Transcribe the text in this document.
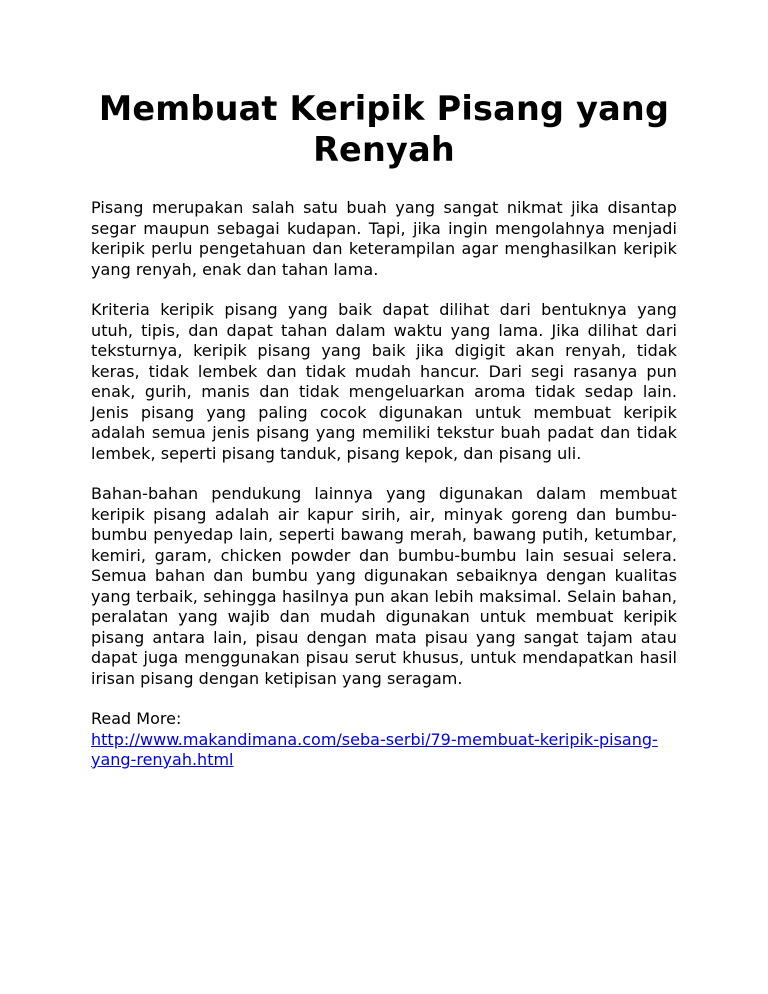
Membuat Keripik Pisang yang Renyah

Pisang merupakan salah satu buah yang sangat nikmat jika disantap segar maupun sebagai kudapan. Tapi, jika ingin mengolahnya menjadi keripik perlu pengetahuan dan keterampilan agar menghasilkan keripik yang renyah, enak dan tahan lama.

Kriteria keripik pisang yang baik dapat dilihat dari bentuknya yang utuh, tipis, dan dapat tahan dalam waktu yang lama. Jika dilihat dari teksturnya, keripik pisang yang baik jika digigit akan renyah, tidak keras, tidak lembek dan tidak mudah hancur. Dari segi rasanya pun enak, gurih, manis dan tidak mengeluarkan aroma tidak sedap lain. Jenis pisang yang paling cocok digunakan untuk membuat keripik adalah semua jenis pisang yang memiliki tekstur buah padat dan tidak lembek, seperti pisang tanduk, pisang kepok, dan pisang uli.

Bahan-bahan pendukung lainnya yang digunakan dalam membuat keripik pisang adalah air kapur sirih, air, minyak goreng dan bumbu-bumbu penyedap lain, seperti bawang merah, bawang putih, ketumbar, kemiri, garam, chicken powder dan bumbu-bumbu lain sesuai selera. Semua bahan dan bumbu yang digunakan sebaiknya dengan kualitas yang terbaik, sehingga hasilnya pun akan lebih maksimal. Selain bahan, peralatan yang wajib dan mudah digunakan untuk membuat keripik pisang antara lain, pisau dengan mata pisau yang sangat tajam atau dapat juga menggunakan pisau serut khusus, untuk mendapatkan hasil irisan pisang dengan ketipisan yang seragam.

Read More:
http://www.makandimana.com/seba-serbi/79-membuat-keripik-pisang-yang-renyah.html
